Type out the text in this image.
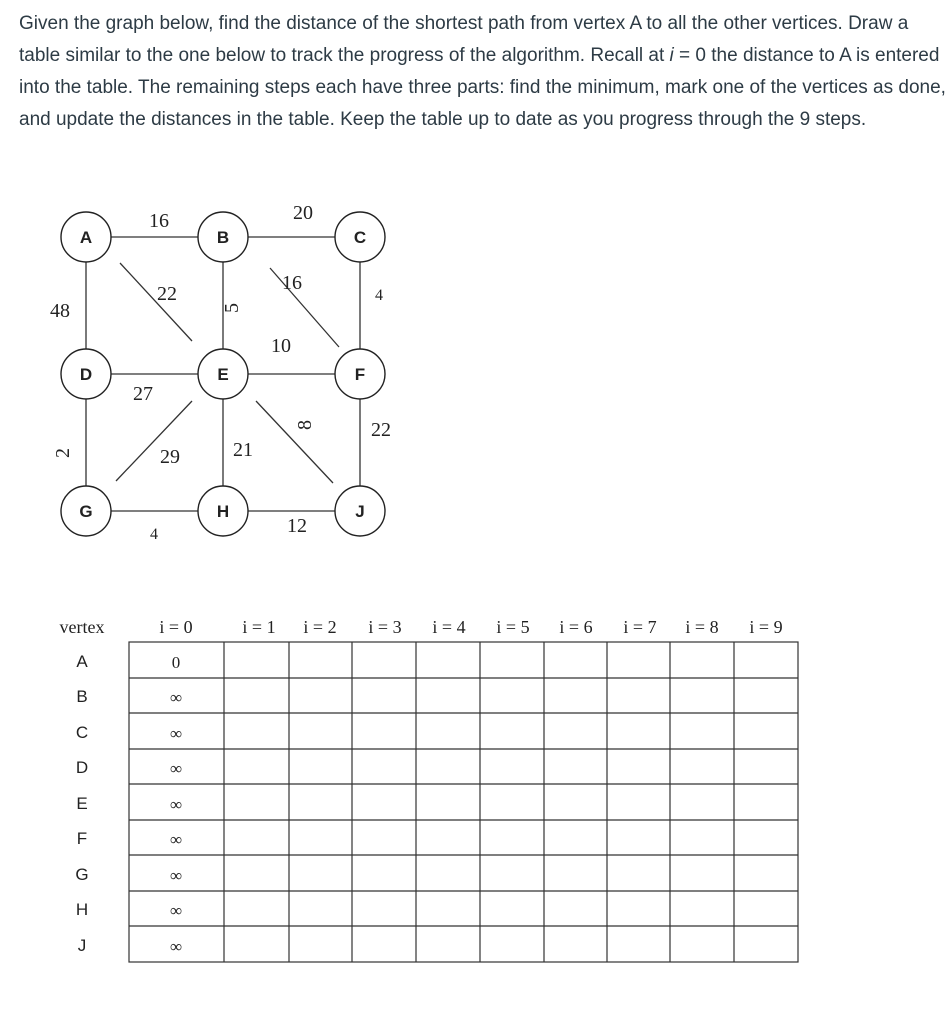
Given the graph below, find the distance of the shortest path from vertex A to all the other vertices. Draw a table similar to the one below to track the progress of the algorithm. Recall at i = 0 the distance to A is entered into the table. The remaining steps each have three parts: find the minimum, mark one of the vertices as done, and update the distances in the table. Keep the table up to date as you progress through the 9 steps.
16	20
48
22
5
16
4
27
10
2	29	21
8	22
4	12
A	B	C
D	E	F
G	H	J
vertex	i = 0	i = 1 i = 2 i = 3 i = 4 i = 5 i = 6 i = 7 i = 8 i = 9
A	0
B	∞
C	∞
D	∞
E	∞
F	∞
G	∞
H	∞
J	∞
